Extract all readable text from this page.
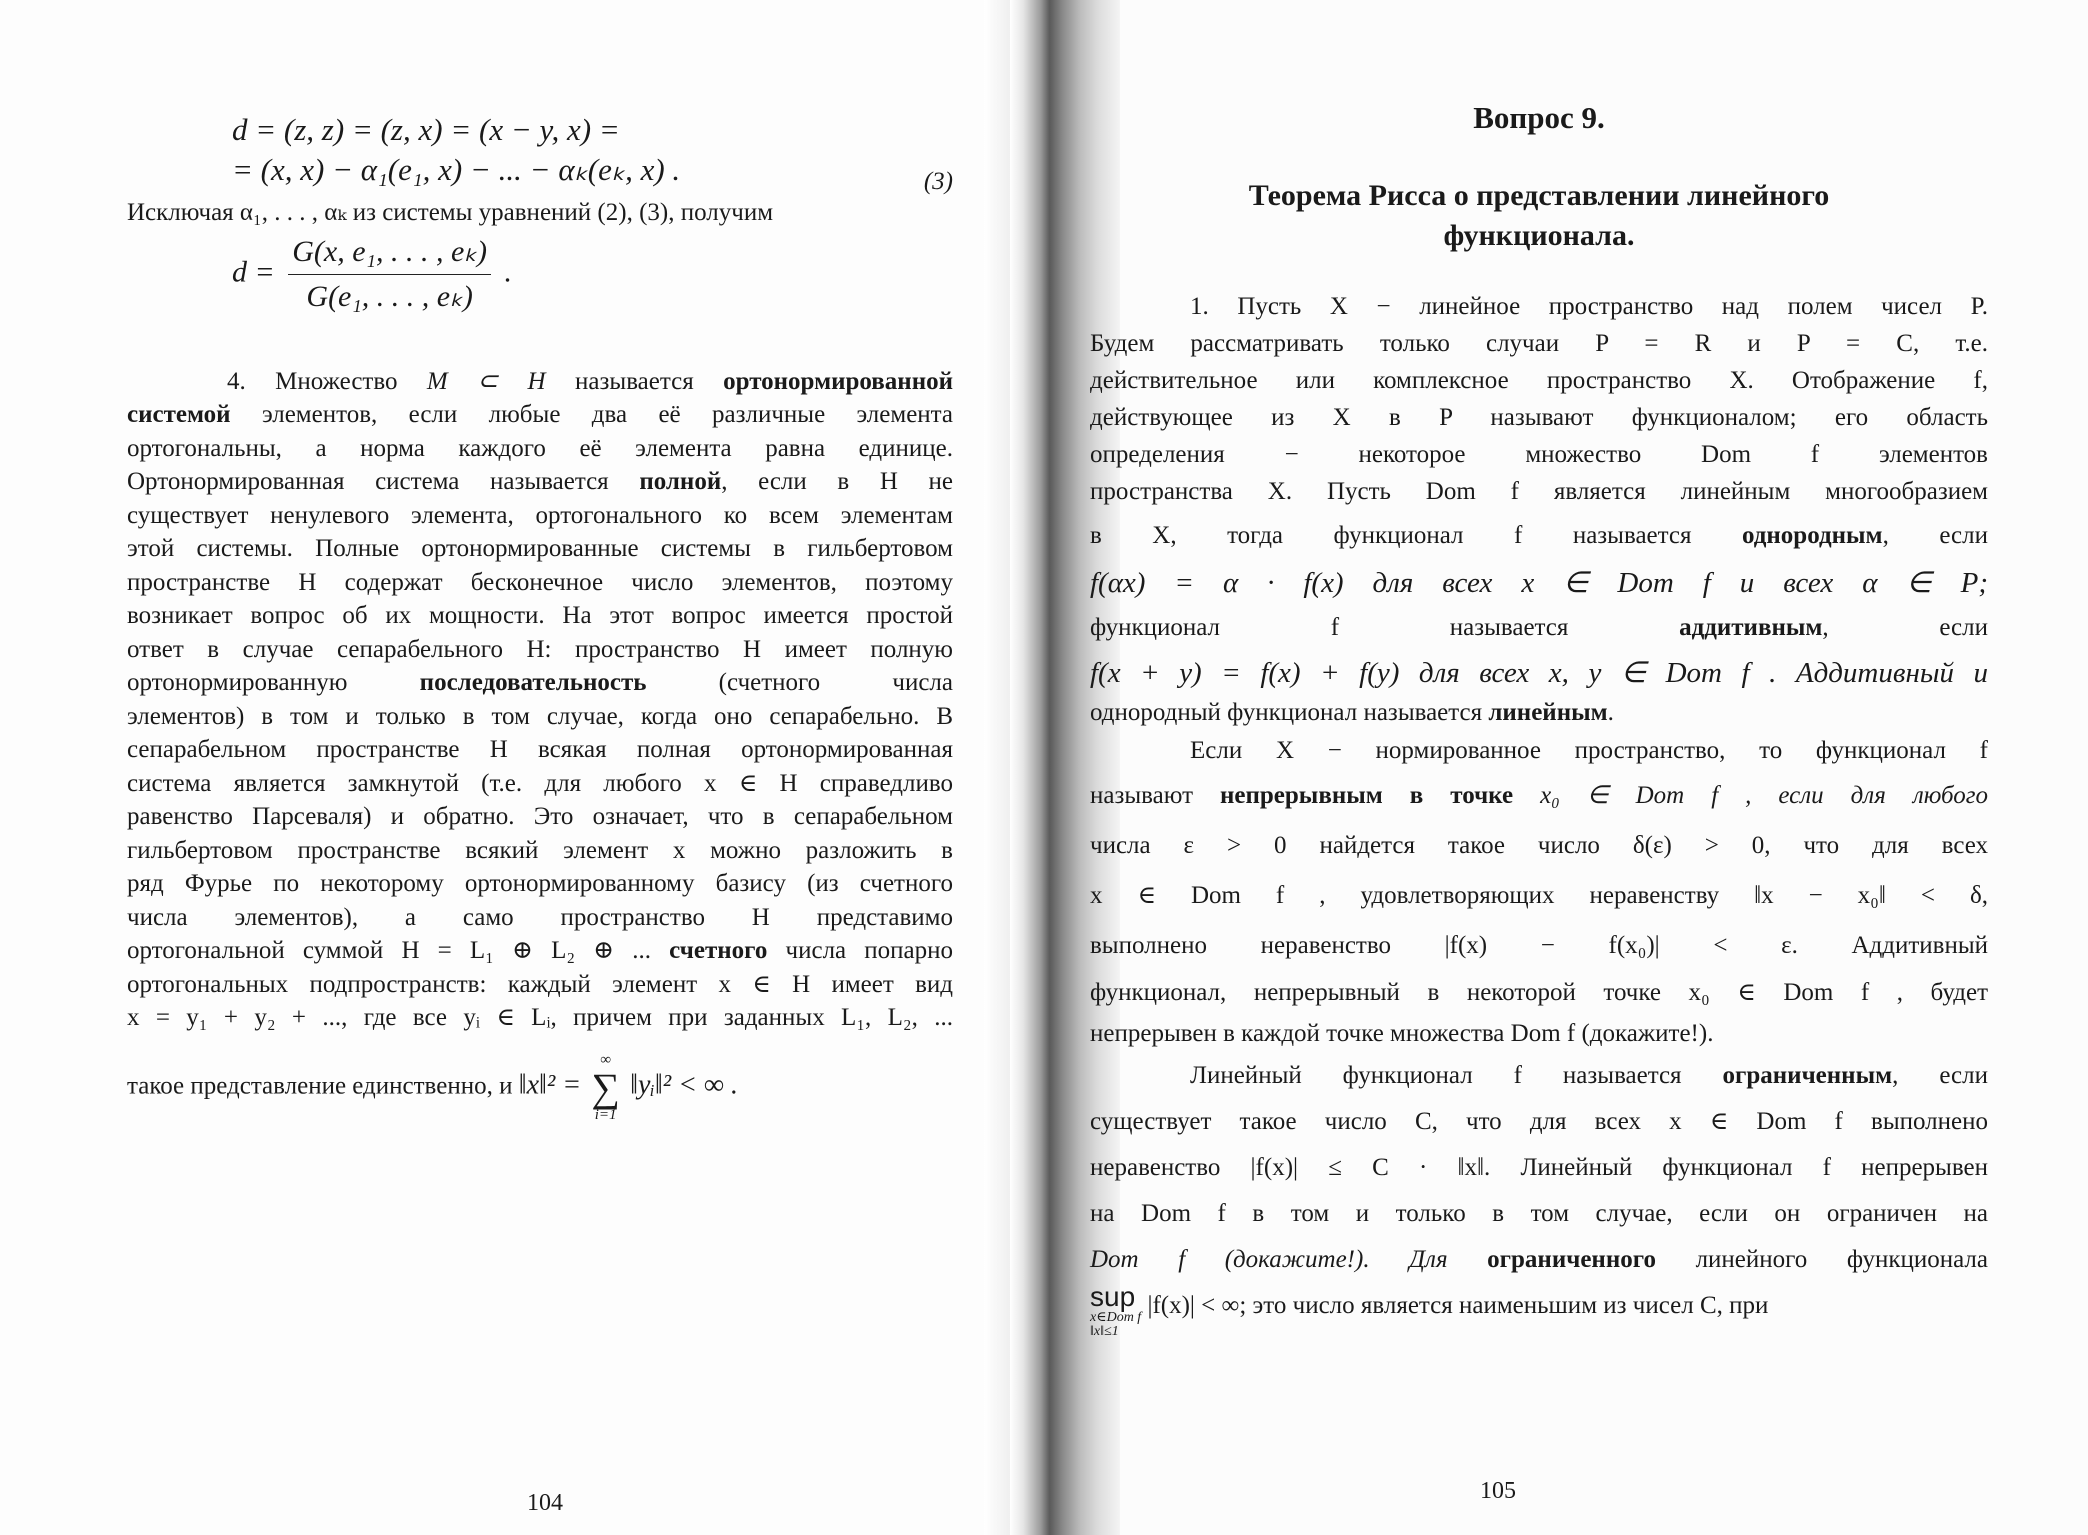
d = (z, z) = (z, x) = (x − y, x) =
= (x, x) − α₁(e₁, x) − ... − αₖ(eₖ, x) .	(3)
Исключая α₁, . . . , αₖ из системы уравнений (2), (3), получим
$d = \frac{\text{G(x, e₁, . . . , eₖ)}}{\text{G(e₁, . . . , eₖ)}}$ .
4. Множество M ⊂ H называется ортонормированной
системой элементов, если любые два её различные элемента
ортогональны, а норма каждого её элемента равна единице.
Ортонормированная система называется полной, если в H не
существует ненулевого элемента, ортогонального ко всем элементам
этой системы. Полные ортонормированные системы в гильбертовом
пространстве H содержат бесконечное число элементов, поэтому
возникает вопрос об их мощности. На этот вопрос имеется простой
ответ в случае сепарабельного H: пространство H имеет полную
ортонормированную	последовательность	(счетного числа
элементов) в том и только в том случае, когда оно сепарабельно. В
сепарабельном пространстве H всякая полная ортонормированная
система является замкнутой (т.е. для любого x ∈ H справедливо
равенство Парсеваля) и обратно. Это означает, что в сепарабельном
гильбертовом пространстве всякий элемент x можно разложить в
ряд Фурье по некоторому ортонормированному базису (из счетного
числа элементов), а само пространство H представимо
ортогональной суммой H = L₁ ⊕ L₂ ⊕ ... счетного числа попарно
ортогональных подпространств: каждый элемент x ∈ H имеет вид
x = y₁ + y₂ + ..., где все yᵢ ∈ Lᵢ, причем при заданных L₁, L₂, ...
такое представление единственно, и ‖x‖² =
∞
∑
i=1
‖yᵢ‖² < ∞ .
104
Вопрос 9.
Теорема Рисса о представлении линейного
функционала.
1. Пусть X − линейное пространство над полем чисел P.
Будем рассматривать только случаи P = R и P = C, т.е.
действительное или комплексное пространство X. Отображение f,
действующее из X в P называют функционалом; его область
определения − некоторое множество Dom f элементов
пространства X. Пусть Dom f является линейным многообразием
в X, тогда функционал f называется однородным, если
f(αx) = α · f(x) для всех x ∈ Dom f и всех α ∈ P;
функционал f называется	аддитивным, если
f(x + y) = f(x) + f(y) для всех x, y ∈ Dom f . Аддитивный и
однородный функционал называется линейным.
Если X − нормированное пространство, то функционал f
называют непрерывным в точке x₀ ∈ Dom f , если для любого
числа ε > 0 найдется такое число δ(ε) > 0, что для всех
x ∈ Dom f , удовлетворяющих неравенству ‖x − x₀‖ < δ,
выполнено неравенство |f(x) − f(x₀)| < ε. Аддитивный
функционал, непрерывный в некоторой точке x₀ ∈ Dom f , будет
непрерывен в каждой точке множества Dom f (докажите!).
Линейный функционал f называется ограниченным, если
существует такое число C, что для всех x ∈ Dom f выполнено
неравенство |f(x)| ≤ C · ‖x‖. Линейный функционал f непрерывен
на Dom f в том и только в том случае, если он ограничен на
Dom f (докажите!). Для ограниченного линейного функционала
sup
x∈Dom f
‖x‖≤1
|f(x)| < ∞; это число является наименьшим из чисел C, при
105
